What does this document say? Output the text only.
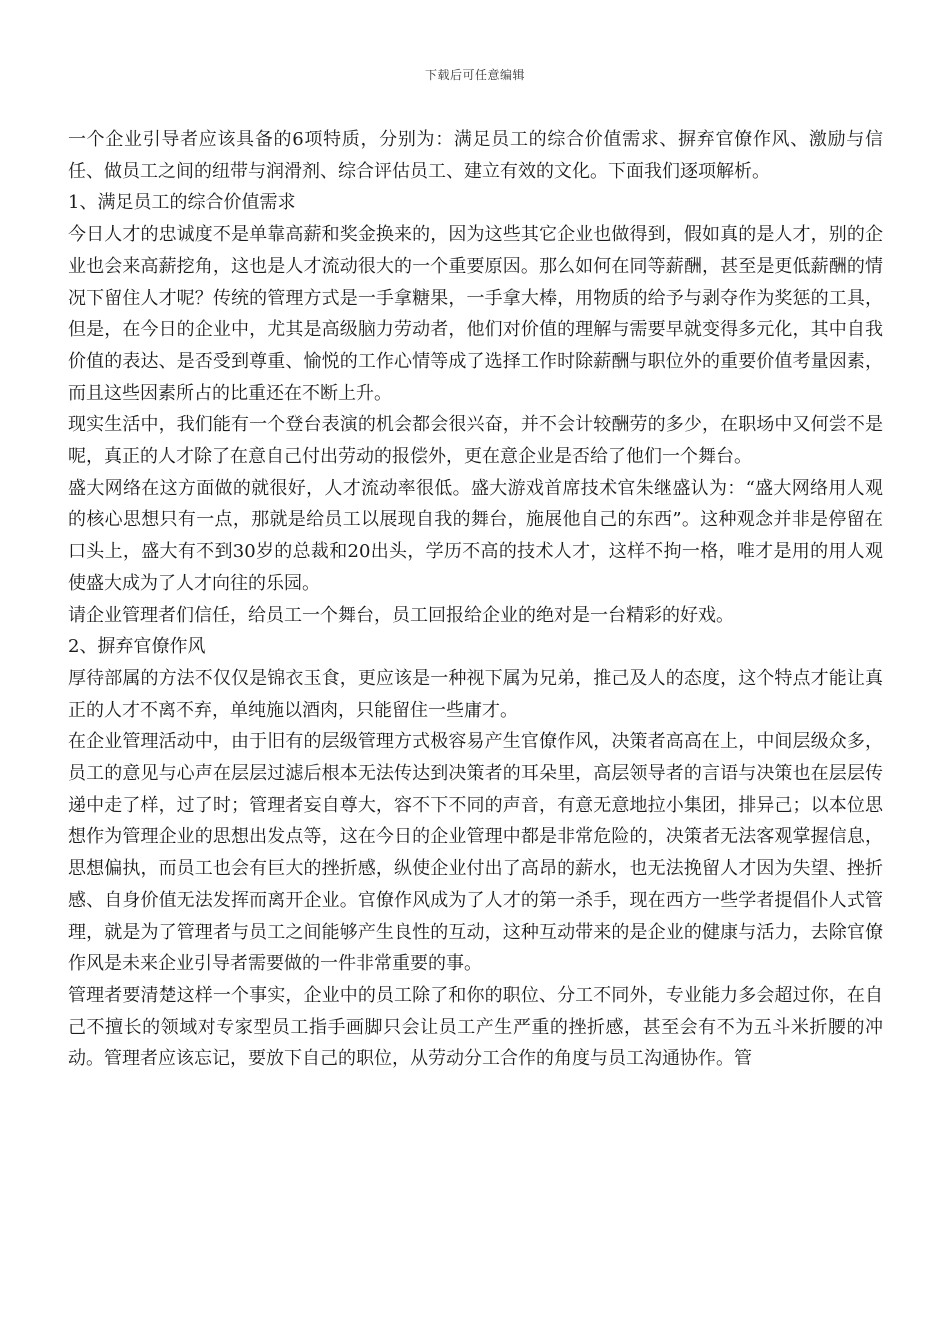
下载后可任意编辑

一个企业引导者应该具备的6项特质，分别为：满足员工的综合价值需求、摒弃官僚作风、激励与信任、做员工之间的纽带与润滑剂、综合评估员工、建立有效的文化。下面我们逐项解析。

1、满足员工的综合价值需求

今日人才的忠诚度不是单靠高薪和奖金换来的，因为这些其它企业也做得到，假如真的是人才，别的企业也会来高薪挖角，这也是人才流动很大的一个重要原因。那么如何在同等薪酬，甚至是更低薪酬的情况下留住人才呢？传统的管理方式是一手拿糖果，一手拿大棒，用物质的给予与剥夺作为奖惩的工具，但是，在今日的企业中，尤其是高级脑力劳动者，他们对价值的理解与需要早就变得多元化，其中自我价值的表达、是否受到尊重、愉悦的工作心情等成了选择工作时除薪酬与职位外的重要价值考量因素，而且这些因素所占的比重还在不断上升。

现实生活中，我们能有一个登台表演的机会都会很兴奋，并不会计较酬劳的多少，在职场中又何尝不是呢，真正的人才除了在意自己付出劳动的报偿外，更在意企业是否给了他们一个舞台。

盛大网络在这方面做的就很好，人才流动率很低。盛大游戏首席技术官朱继盛认为：“盛大网络用人观的核心思想只有一点，那就是给员工以展现自我的舞台，施展他自己的东西”。这种观念并非是停留在口头上，盛大有不到30岁的总裁和20出头，学历不高的技术人才，这样不拘一格，唯才是用的用人观使盛大成为了人才向往的乐园。

请企业管理者们信任，给员工一个舞台，员工回报给企业的绝对是一台精彩的好戏。

2、摒弃官僚作风

厚待部属的方法不仅仅是锦衣玉食，更应该是一种视下属为兄弟，推己及人的态度，这个特点才能让真正的人才不离不弃，单纯施以酒肉，只能留住一些庸才。

在企业管理活动中，由于旧有的层级管理方式极容易产生官僚作风，决策者高高在上，中间层级众多，员工的意见与心声在层层过滤后根本无法传达到决策者的耳朵里，高层领导者的言语与决策也在层层传递中走了样，过了时；管理者妄自尊大，容不下不同的声音，有意无意地拉小集团，排异己；以本位思想作为管理企业的思想出发点等，这在今日的企业管理中都是非常危险的，决策者无法客观掌握信息，思想偏执，而员工也会有巨大的挫折感，纵使企业付出了高昂的薪水，也无法挽留人才因为失望、挫折感、自身价值无法发挥而离开企业。官僚作风成为了人才的第一杀手，现在西方一些学者提倡仆人式管理，就是为了管理者与员工之间能够产生良性的互动，这种互动带来的是企业的健康与活力，去除官僚作风是未来企业引导者需要做的一件非常重要的事。

管理者要清楚这样一个事实，企业中的员工除了和你的职位、分工不同外，专业能力多会超过你，在自己不擅长的领域对专家型员工指手画脚只会让员工产生严重的挫折感，甚至会有不为五斗米折腰的冲动。管理者应该忘记，要放下自己的职位，从劳动分工合作的角度与员工沟通协作。管
